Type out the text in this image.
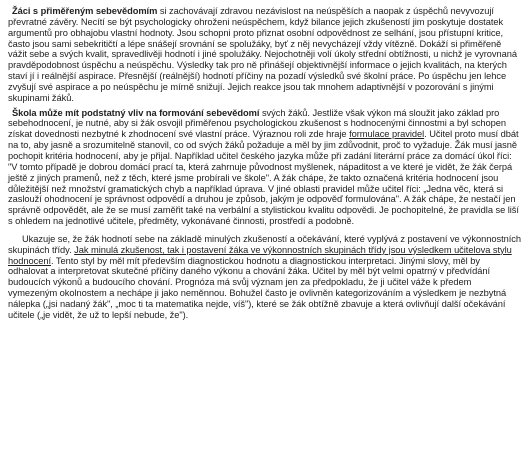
Žáci s přiměřeným sebevědomím si zachovávají zdravou nezávislost na neúspěších a naopak z úspěchů nevyvozují převratné závěry. Necítí se být psychologicky ohroženi neúspěchem, když bilance jejich zkušeností jim poskytuje dostatek argumentů pro obhajobu vlastní hodnoty. Jsou schopni proto přiznat osobní odpovědnost ze selhání, jsou přístupní kritice, často jsou sami sebekritičtí a lépe snášejí srovnání se spolužáky, byť z něj nevycházejí vždy vítězně. Dokáží si přiměřeně vážit sebe a svých kvalit, spravedlivěji hodnotí i jiné spolužáky. Nejochotněji volí úkoly střední obtížnosti, u nichž je vyrovnaná pravděpodobnost úspěchu a neúspěchu. Výsledky tak pro ně přinášejí objektivnější informace o jejich kvalitách, na kterých staví jí i reálnější aspirace. Přesnější (reálnější) hodnotí příčiny na pozadí výsledků své školní práce. Po úspěchu jen lehce zvyšují své aspirace a po neúspěchu je mírně snižují. Jejich reakce jsou tak mnohem adaptivnější v pozorování s jinými skupinami žáků.

Škola může mít podstatný vliv na formování sebevědomí svých žáků. Jestliže však výkon má sloužit jako základ pro sebehodnocení, je nutné, aby si žák osvojil přiměřenou psychologickou zkušenost s hodnocenými činnostmi a byl schopen získat dovednosti nezbytné k zhodnocení své vlastní práce. Výraznou roli zde hraje formulace pravidel. Učitel proto musí dbát na to, aby jasně a srozumitelně stanovil, co od svých žáků požaduje a měl by jim zdůvodnit, proč to vyžaduje. Žák musí jasně pochopit kritéria hodnocení, aby je přijal. Například učitel českého jazyka může při zadání literární práce za domácí úkol říci: "V tomto případě je dobrou domácí prací ta, která zahrnuje původnost myšlenek, nápaditost a ve které je vidět, že žák čerpá ještě z jiných pramenů, než z těch, které jsme probírali ve škole". A žák chápe, že takto označená kritéria hodnocení jsou důležitější než množství gramatických chyb a například úprava. V jiné oblasti pravidel může učitel říci: „Jedna věc, která si zaslouží ohodnocení je správnost odpovědí a druhou je způsob, jakým je odpověď formulována". A žák chápe, že nestačí jen správně odpovědět, ale že se musí zaměřit také na verbální a stylistickou kvalitu odpovědi. Je pochopitelné, že pravidla se liší s ohledem na jednotlivé učitele, předměty, vykonávané činnosti, prostředí a podobně.

Ukazuje se, že žák hodnotí sebe na základě minulých zkušeností a očekávání, které vyplývá z postavení ve výkonnostních skupinách třídy. Jak minulá zkušenost, tak i postavení žáka ve výkonnostních skupinách třídy jsou výsledkem učitelova stylu hodnocení. Tento styl by měl mít především diagnostickou hodnotu a diagnostickou interpretaci. Jinými slovy, měl by odhalovat a interpretovat skutečné příčiny daného výkonu a chování žáka. Učitel by měl být velmi opatrný v předvídání budoucích výkonů a budoucího chování. Prognóza má svůj význam jen za předpokladu, že ji učitel váže k předem vymezeným okolnostem a nechápe ji jako neměnnou. Bohužel často je ovlivněn kategorizováním a výsledkem je nezbytná nálepka („jsi nadaný žák", „moc ti ta matematika nejde, víš"), které se žák obtížně zbavuje a která ovlivňují další očekávání učitele („je vidět, že už to lepší nebude, že").
